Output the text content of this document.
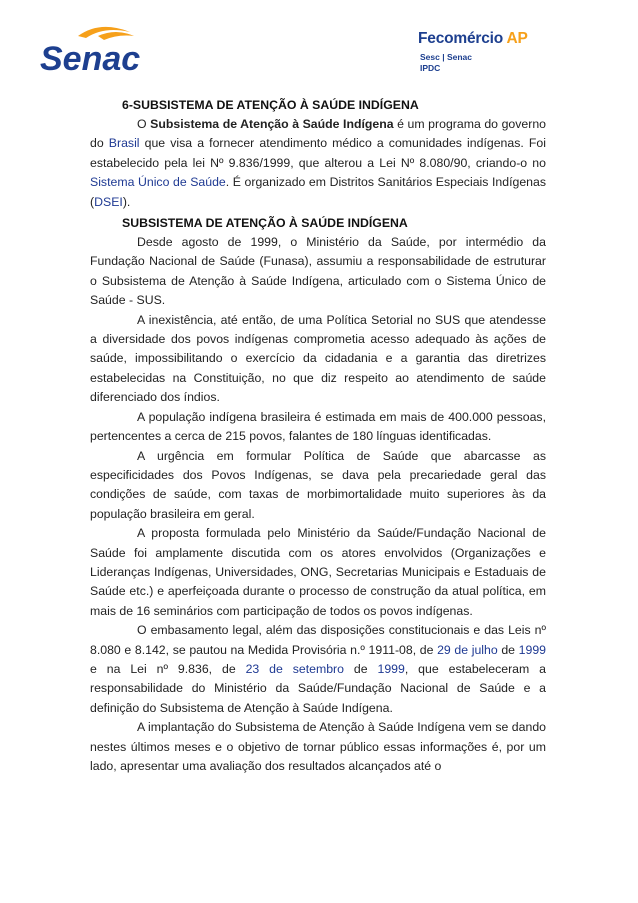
Senac
Fecomércio AP
Sesc | Senac
IPDC
6-SUBSISTEMA DE ATENÇÃO À SAÚDE INDÍGENA

O Subsistema de Atenção à Saúde Indígena é um programa do governo do Brasil que visa a fornecer atendimento médico a comunidades indígenas. Foi estabelecido pela lei Nº 9.836/1999, que alterou a Lei Nº 8.080/90, criando-o no Sistema Único de Saúde. É organizado em Distritos Sanitários Especiais Indígenas (DSEI).

SUBSISTEMA DE ATENÇÃO À SAÚDE INDÍGENA

Desde agosto de 1999, o Ministério da Saúde, por intermédio da Fundação Nacional de Saúde (Funasa), assumiu a responsabilidade de estruturar o Subsistema de Atenção à Saúde Indígena, articulado com o Sistema Único de Saúde - SUS.

A inexistência, até então, de uma Política Setorial no SUS que atendesse a diversidade dos povos indígenas comprometia acesso adequado às ações de saúde, impossibilitando o exercício da cidadania e a garantia das diretrizes estabelecidas na Constituição, no que diz respeito ao atendimento de saúde diferenciado dos índios.

A população indígena brasileira é estimada em mais de 400.000 pessoas, pertencentes a cerca de 215 povos, falantes de 180 línguas identificadas.

A urgência em formular Política de Saúde que abarcasse as especificidades dos Povos Indígenas, se dava pela precariedade geral das condições de saúde, com taxas de morbimortalidade muito superiores às da população brasileira em geral.

A proposta formulada pelo Ministério da Saúde/Fundação Nacional de Saúde foi amplamente discutida com os atores envolvidos (Organizações e Lideranças Indígenas, Universidades, ONG, Secretarias Municipais e Estaduais de Saúde etc.) e aperfeiçoada durante o processo de construção da atual política, em mais de 16 seminários com participação de todos os povos indígenas.

O embasamento legal, além das disposições constitucionais e das Leis nº 8.080 e 8.142, se pautou na Medida Provisória n.º 1911-08, de 29 de julho de 1999 e na Lei nº 9.836, de 23 de setembro de 1999, que estabeleceram a responsabilidade do Ministério da Saúde/Fundação Nacional de Saúde e a definição do Subsistema de Atenção à Saúde Indígena.

A implantação do Subsistema de Atenção à Saúde Indígena vem se dando nestes últimos meses e o objetivo de tornar público essas informações é, por um lado, apresentar uma avaliação dos resultados alcançados até o
